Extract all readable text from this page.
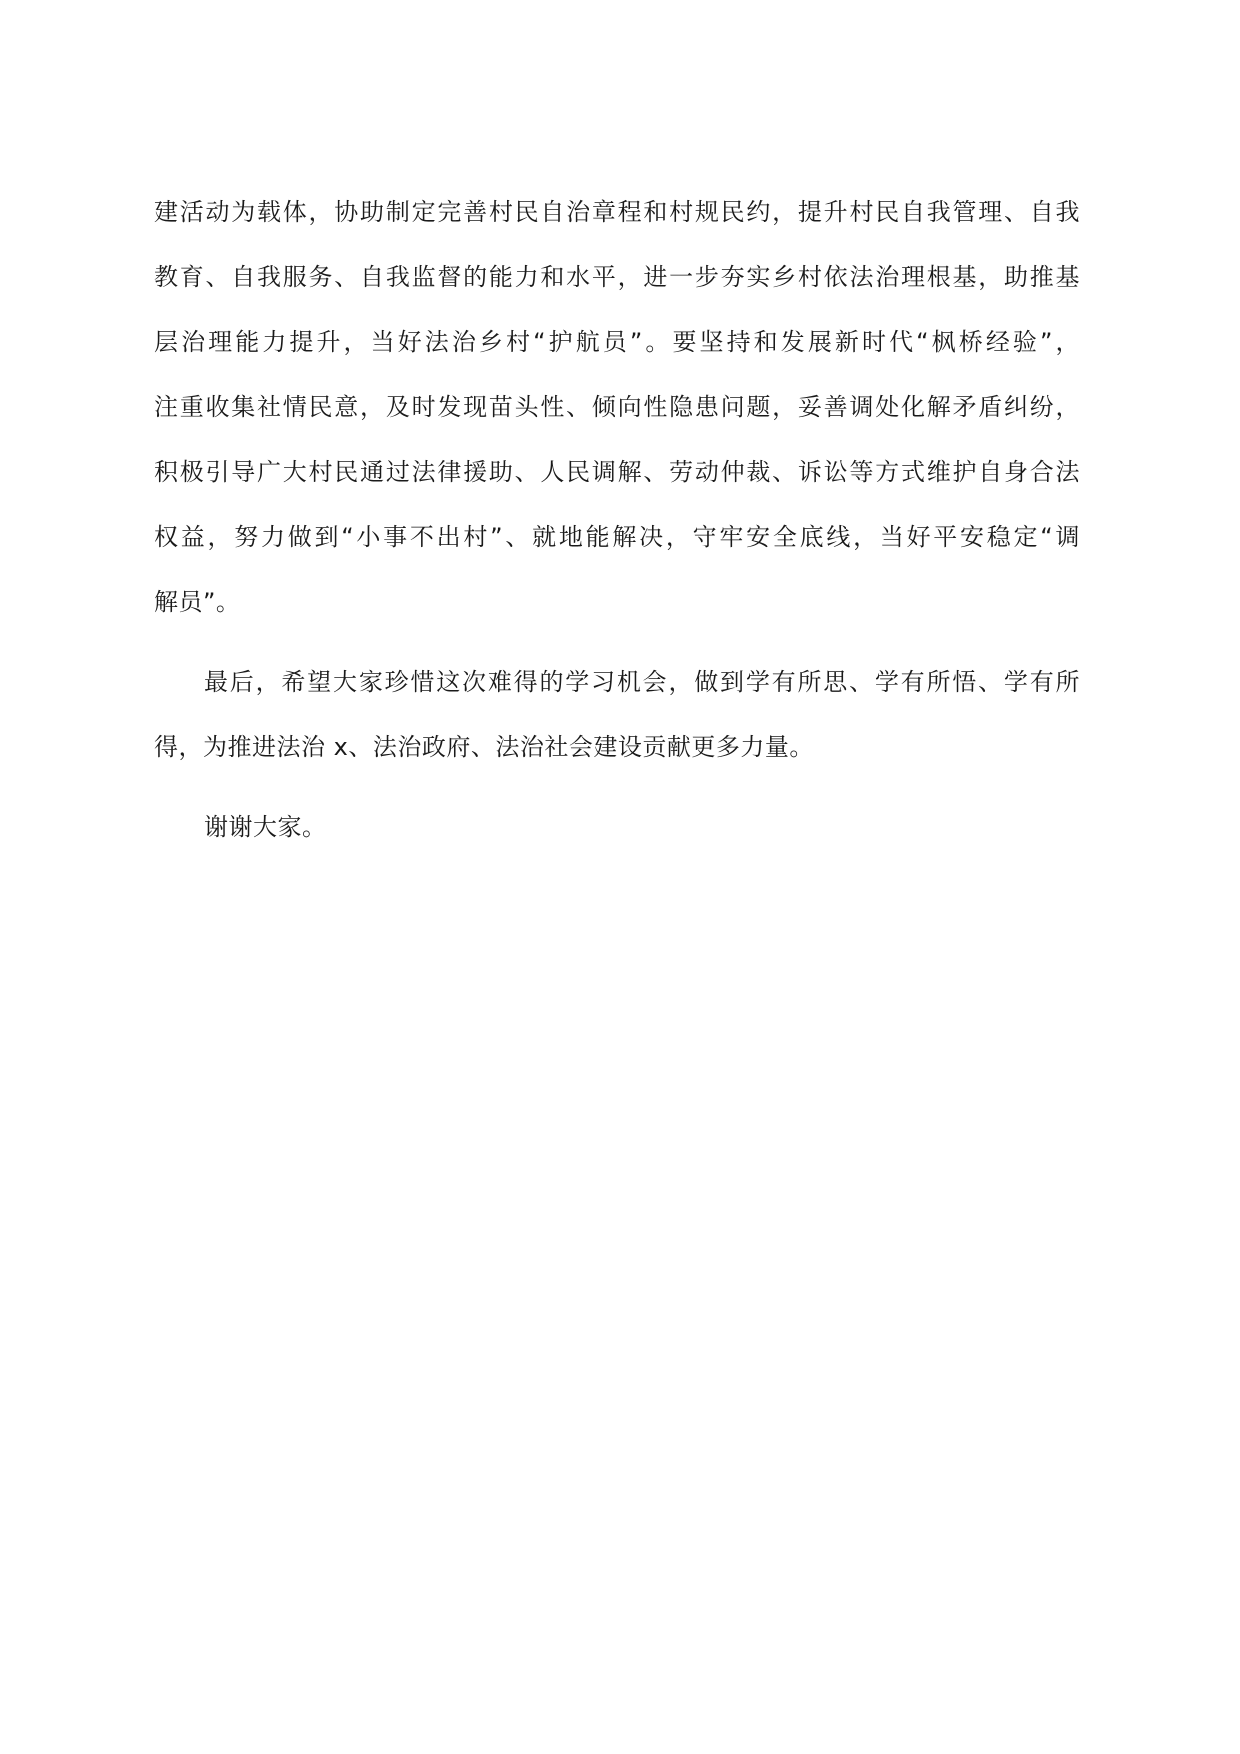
建活动为载体，协助制定完善村民自治章程和村规民约，提升村民自我管理、自我
教育、自我服务、自我监督的能力和水平，进一步夯实乡村依法治理根基，助推基
层治理能力提升，当好法治乡村“护航员”。要坚持和发展新时代“枫桥经验”，
注重收集社情民意，及时发现苗头性、倾向性隐患问题，妥善调处化解矛盾纠纷，
积极引导广大村民通过法律援助、人民调解、劳动仲裁、诉讼等方式维护自身合法
权益，努力做到“小事不出村”、就地能解决，守牢安全底线，当好平安稳定“调
解员”。
最后，希望大家珍惜这次难得的学习机会，做到学有所思、学有所悟、学有所
得，为推进法治 x、法治政府、法治社会建设贡献更多力量。
谢谢大家。
